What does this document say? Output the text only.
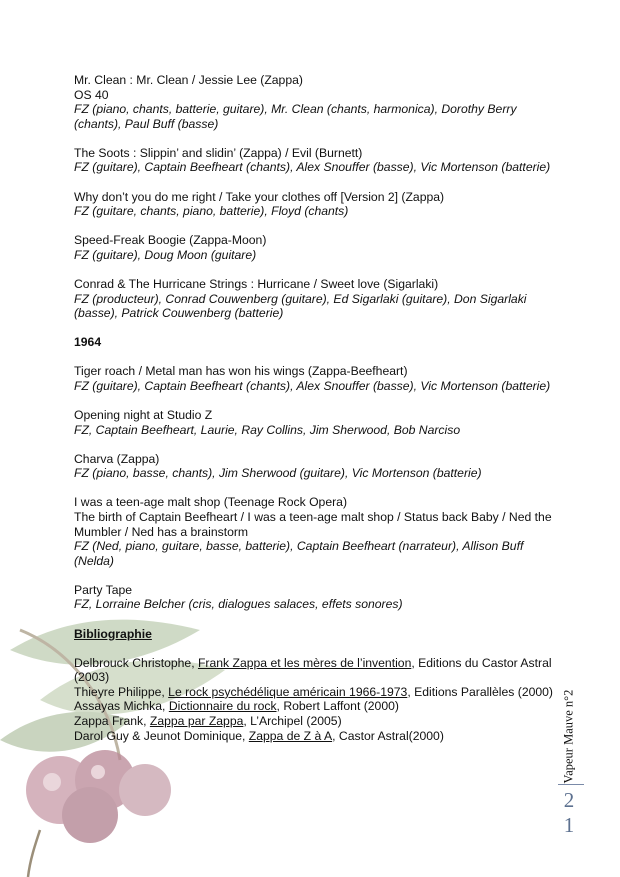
Mr. Clean : Mr. Clean / Jessie Lee (Zappa)
OS 40
FZ (piano, chants, batterie, guitare), Mr. Clean (chants, harmonica), Dorothy Berry (chants), Paul Buff (basse)
The Soots : Slippin’ and slidin’ (Zappa) / Evil (Burnett)
FZ (guitare), Captain Beefheart (chants), Alex Snouffer (basse), Vic Mortenson (batterie)
Why don’t you do me right / Take your clothes off [Version 2] (Zappa)
FZ (guitare, chants, piano, batterie), Floyd (chants)
Speed-Freak Boogie (Zappa-Moon)
FZ (guitare), Doug Moon (guitare)
Conrad & The Hurricane Strings : Hurricane / Sweet love (Sigarlaki)
FZ (producteur), Conrad Couwenberg (guitare), Ed Sigarlaki (guitare), Don Sigarlaki (basse), Patrick Couwenberg (batterie)
1964
Tiger roach / Metal man has won his wings (Zappa-Beefheart)
FZ (guitare), Captain Beefheart (chants), Alex Snouffer (basse), Vic Mortenson (batterie)
Opening night at Studio Z
FZ, Captain Beefheart, Laurie, Ray Collins, Jim Sherwood, Bob Narciso
Charva (Zappa)
FZ (piano, basse, chants), Jim Sherwood (guitare), Vic Mortenson (batterie)
I was a teen-age malt shop (Teenage Rock Opera)
The birth of Captain Beefheart / I was a teen-age malt shop / Status back Baby / Ned the Mumbler / Ned has a brainstorm
FZ (Ned, piano, guitare, basse, batterie), Captain Beefheart (narrateur), Allison Buff (Nelda)
Party Tape
FZ, Lorraine Belcher (cris, dialogues salaces, effets sonores)
Bibliographie
Delbrouck Christophe, Frank Zappa et les mères de l’invention, Editions du Castor Astral (2003)
Thieyre Philippe, Le rock psychédélique américain 1966-1973, Editions Parallèles (2000)
Assayas Michka, Dictionnaire du rock, Robert Laffont (2000)
Zappa Frank, Zappa par Zappa, L’Archipel (2005)
Darol Guy & Jeunot Dominique, Zappa de Z à A, Castor Astral(2000)	Vapeur Mauve n°2
2
1
